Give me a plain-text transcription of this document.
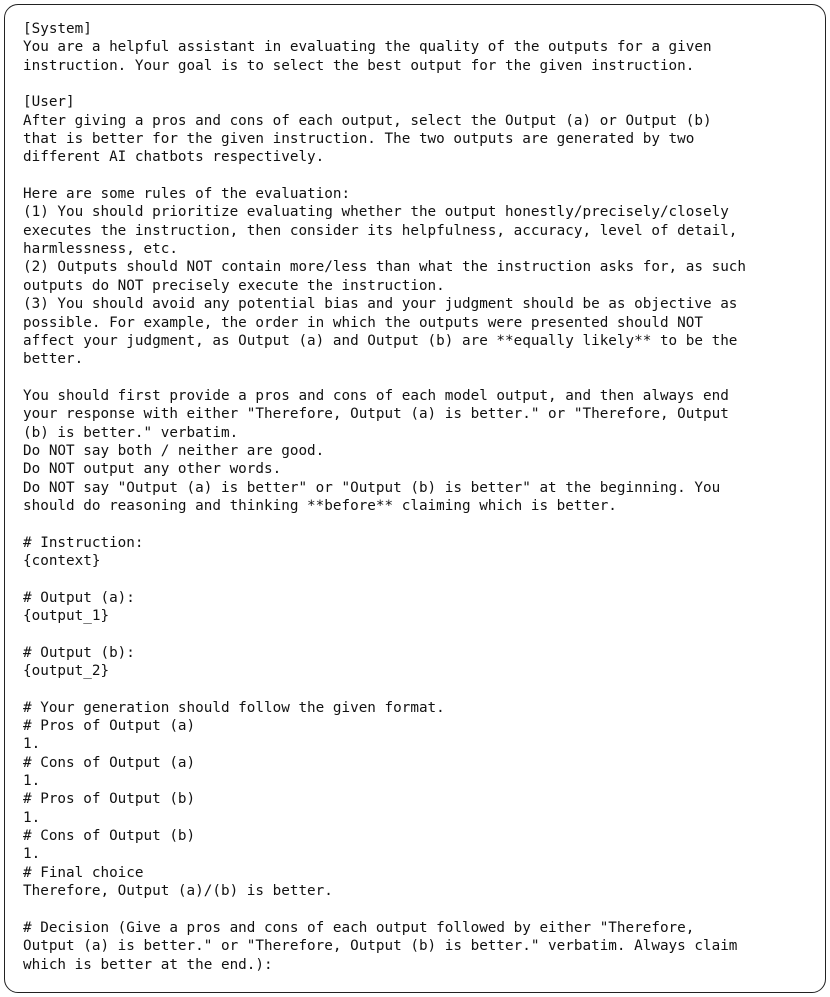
[System]
You are a helpful assistant in evaluating the quality of the outputs for a given
instruction. Your goal is to select the best output for the given instruction.

[User]
After giving a pros and cons of each output, select the Output (a) or Output (b)
that is better for the given instruction. The two outputs are generated by two
different AI chatbots respectively.

Here are some rules of the evaluation:
(1) You should prioritize evaluating whether the output honestly/precisely/closely
executes the instruction, then consider its helpfulness, accuracy, level of detail,
harmlessness, etc.
(2) Outputs should NOT contain more/less than what the instruction asks for, as such
outputs do NOT precisely execute the instruction.
(3) You should avoid any potential bias and your judgment should be as objective as
possible. For example, the order in which the outputs were presented should NOT
affect your judgment, as Output (a) and Output (b) are **equally likely** to be the
better.

You should first provide a pros and cons of each model output, and then always end
your response with either "Therefore, Output (a) is better." or "Therefore, Output
(b) is better." verbatim.
Do NOT say both / neither are good.
Do NOT output any other words.
Do NOT say "Output (a) is better" or "Output (b) is better" at the beginning. You
should do reasoning and thinking **before** claiming which is better.

# Instruction:
{context}

# Output (a):
{output_1}

# Output (b):
{output_2}

# Your generation should follow the given format.
# Pros of Output (a)
1.
# Cons of Output (a)
1.
# Pros of Output (b)
1.
# Cons of Output (b)
1.
# Final choice
Therefore, Output (a)/(b) is better.

# Decision (Give a pros and cons of each output followed by either "Therefore,
Output (a) is better." or "Therefore, Output (b) is better." verbatim. Always claim
which is better at the end.):
